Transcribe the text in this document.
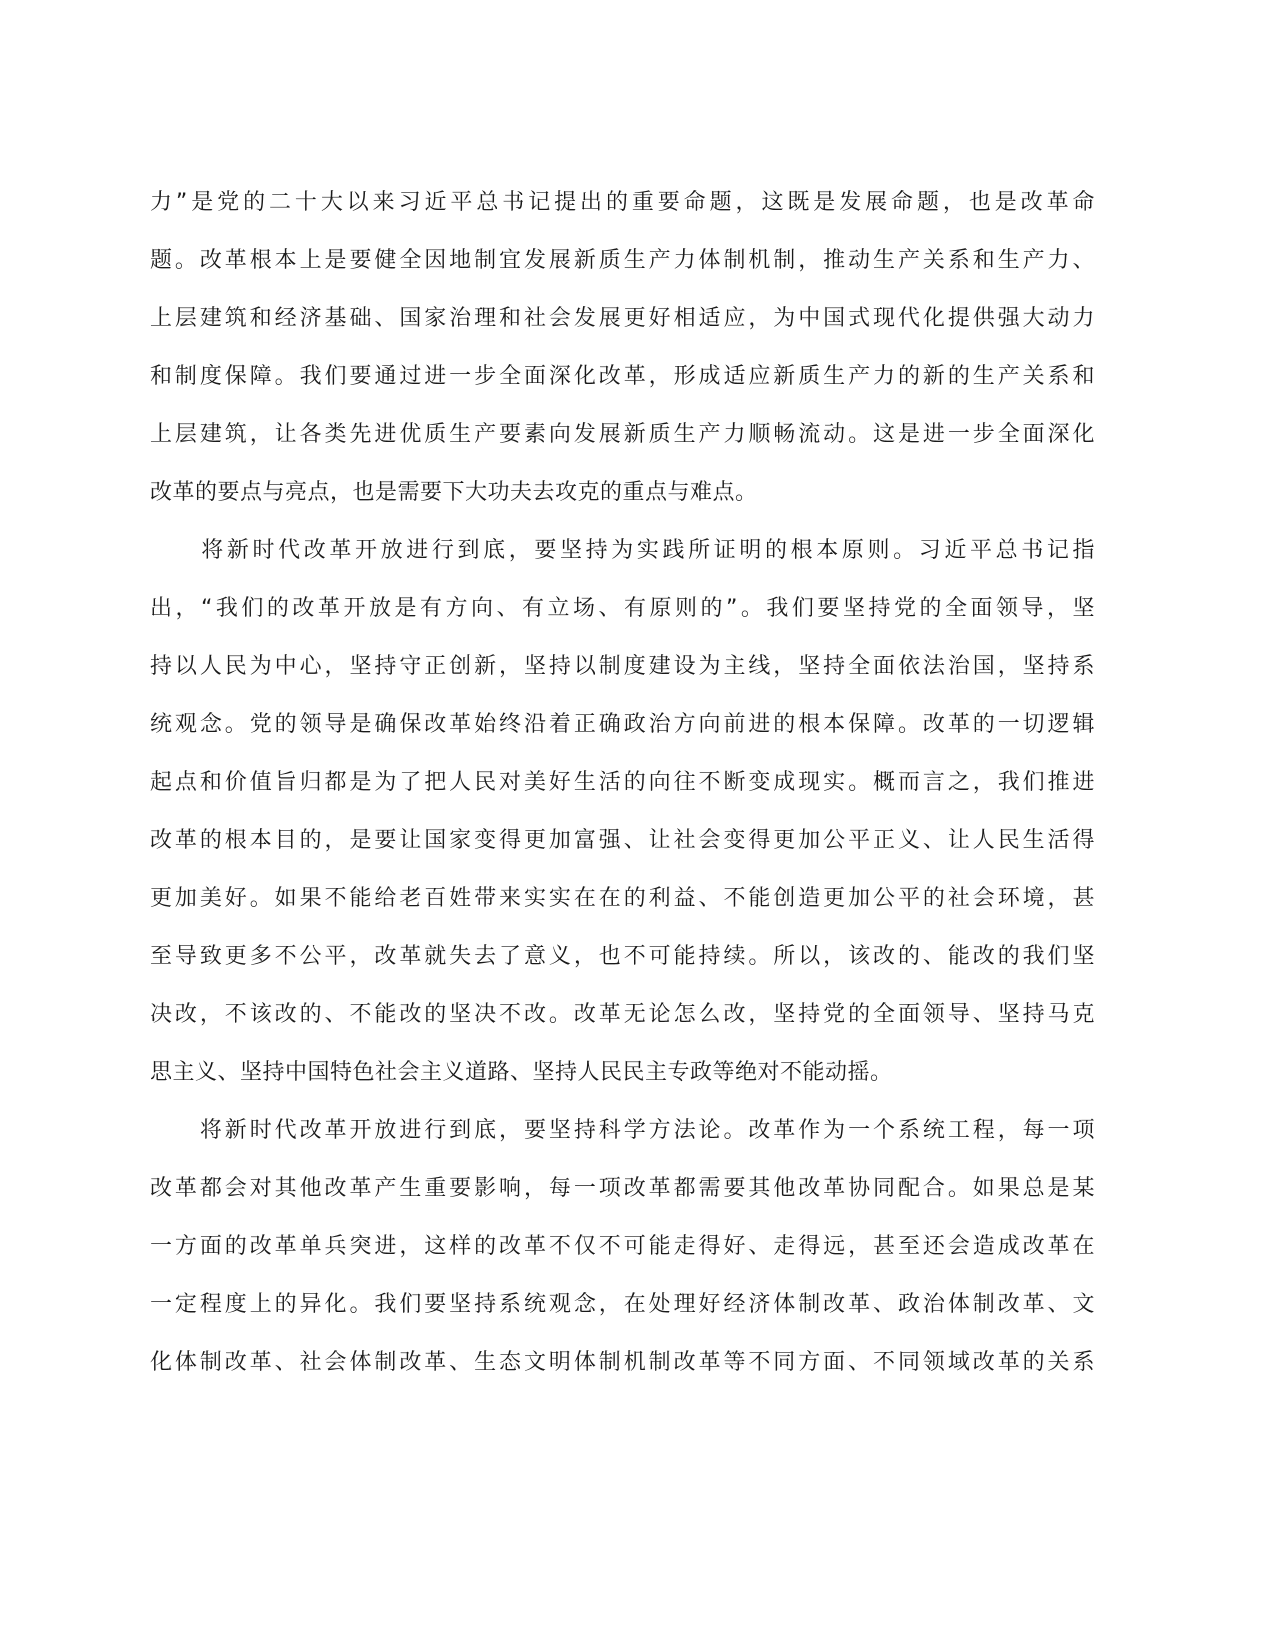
力”是党的二十大以来习近平总书记提出的重要命题，这既是发展命题，也是改革命
题。改革根本上是要健全因地制宜发展新质生产力体制机制，推动生产关系和生产力、
上层建筑和经济基础、国家治理和社会发展更好相适应，为中国式现代化提供强大动力
和制度保障。我们要通过进一步全面深化改革，形成适应新质生产力的新的生产关系和
上层建筑，让各类先进优质生产要素向发展新质生产力顺畅流动。这是进一步全面深化
改革的要点与亮点，也是需要下大功夫去攻克的重点与难点。
　　将新时代改革开放进行到底，要坚持为实践所证明的根本原则。习近平总书记指
出，“我们的改革开放是有方向、有立场、有原则的”。我们要坚持党的全面领导，坚
持以人民为中心，坚持守正创新，坚持以制度建设为主线，坚持全面依法治国，坚持系
统观念。党的领导是确保改革始终沿着正确政治方向前进的根本保障。改革的一切逻辑
起点和价值旨归都是为了把人民对美好生活的向往不断变成现实。概而言之，我们推进
改革的根本目的，是要让国家变得更加富强、让社会变得更加公平正义、让人民生活得
更加美好。如果不能给老百姓带来实实在在的利益、不能创造更加公平的社会环境，甚
至导致更多不公平，改革就失去了意义，也不可能持续。所以，该改的、能改的我们坚
决改，不该改的、不能改的坚决不改。改革无论怎么改，坚持党的全面领导、坚持马克
思主义、坚持中国特色社会主义道路、坚持人民民主专政等绝对不能动摇。
　　将新时代改革开放进行到底，要坚持科学方法论。改革作为一个系统工程，每一项
改革都会对其他改革产生重要影响，每一项改革都需要其他改革协同配合。如果总是某
一方面的改革单兵突进，这样的改革不仅不可能走得好、走得远，甚至还会造成改革在
一定程度上的异化。我们要坚持系统观念，在处理好经济体制改革、政治体制改革、文
化体制改革、社会体制改革、生态文明体制机制改革等不同方面、不同领域改革的关系
